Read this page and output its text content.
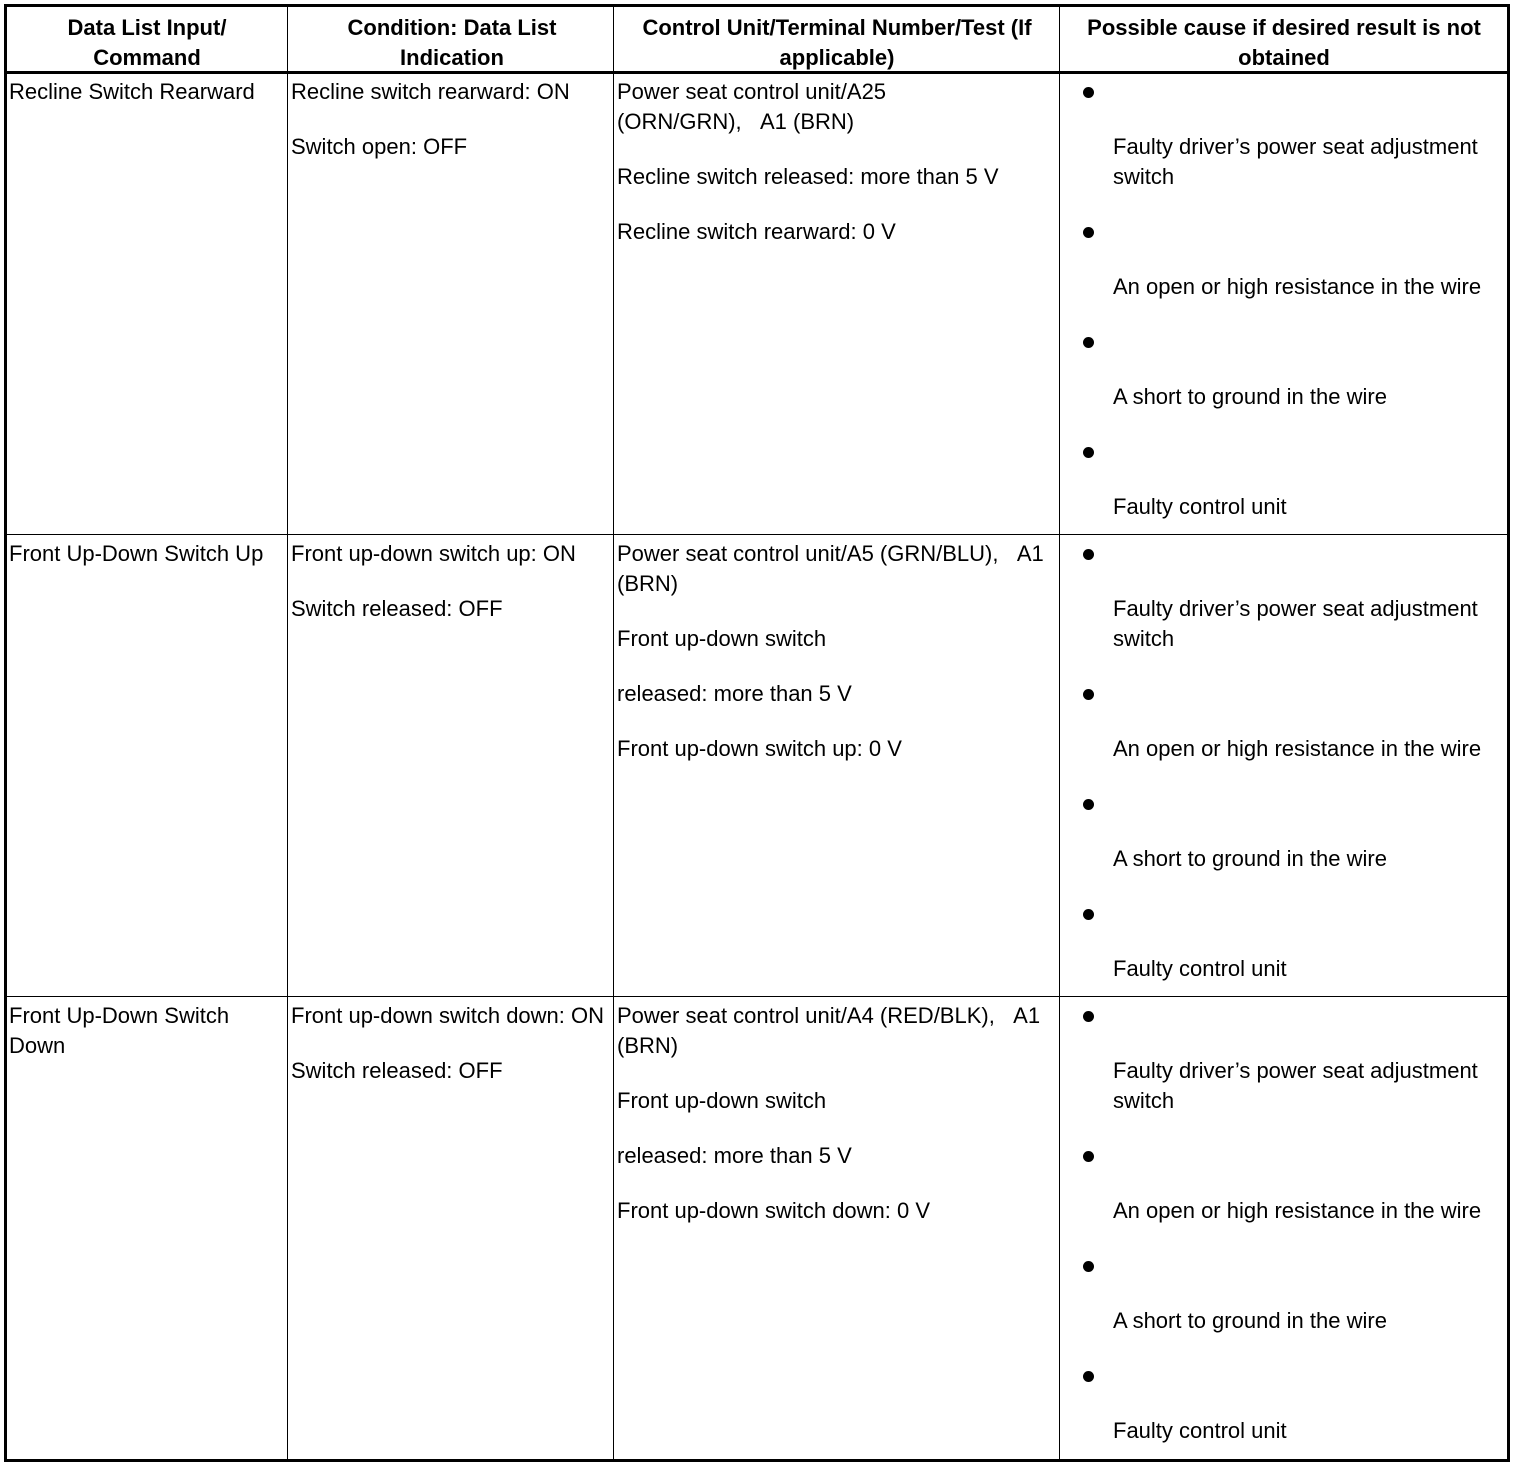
Data List Input/ Command
Condition: Data List Indication
Control Unit/Terminal Number/Test (If applicable)
Possible cause if desired result is not obtained
Recline Switch Rearward	Recline switch rearward: ON

Switch open: OFF

Power seat control unit/A25 (ORN/GRN),   A1 (BRN)

Recline switch released: more than 5 V

Recline switch rearward: 0 V

Faulty driver’s power seat adjustment switch
An open or high resistance in the wire
A short to ground in the wire
Faulty control unit
Front Up-Down Switch Up	Front up-down switch up: ON

Switch released: OFF

Power seat control unit/A5 (GRN/BLU),   A1 (BRN)

Front up-down switch

released: more than 5 V

Front up-down switch up: 0 V

Faulty driver’s power seat adjustment switch
An open or high resistance in the wire
A short to ground in the wire
Faulty control unit
Front Up-Down Switch Down

Front up-down switch down: ON

Switch released: OFF

Power seat control unit/A4 (RED/BLK),   A1 (BRN)

Front up-down switch

released: more than 5 V

Front up-down switch down: 0 V

Faulty driver’s power seat adjustment switch
An open or high resistance in the wire
A short to ground in the wire
Faulty control unit
